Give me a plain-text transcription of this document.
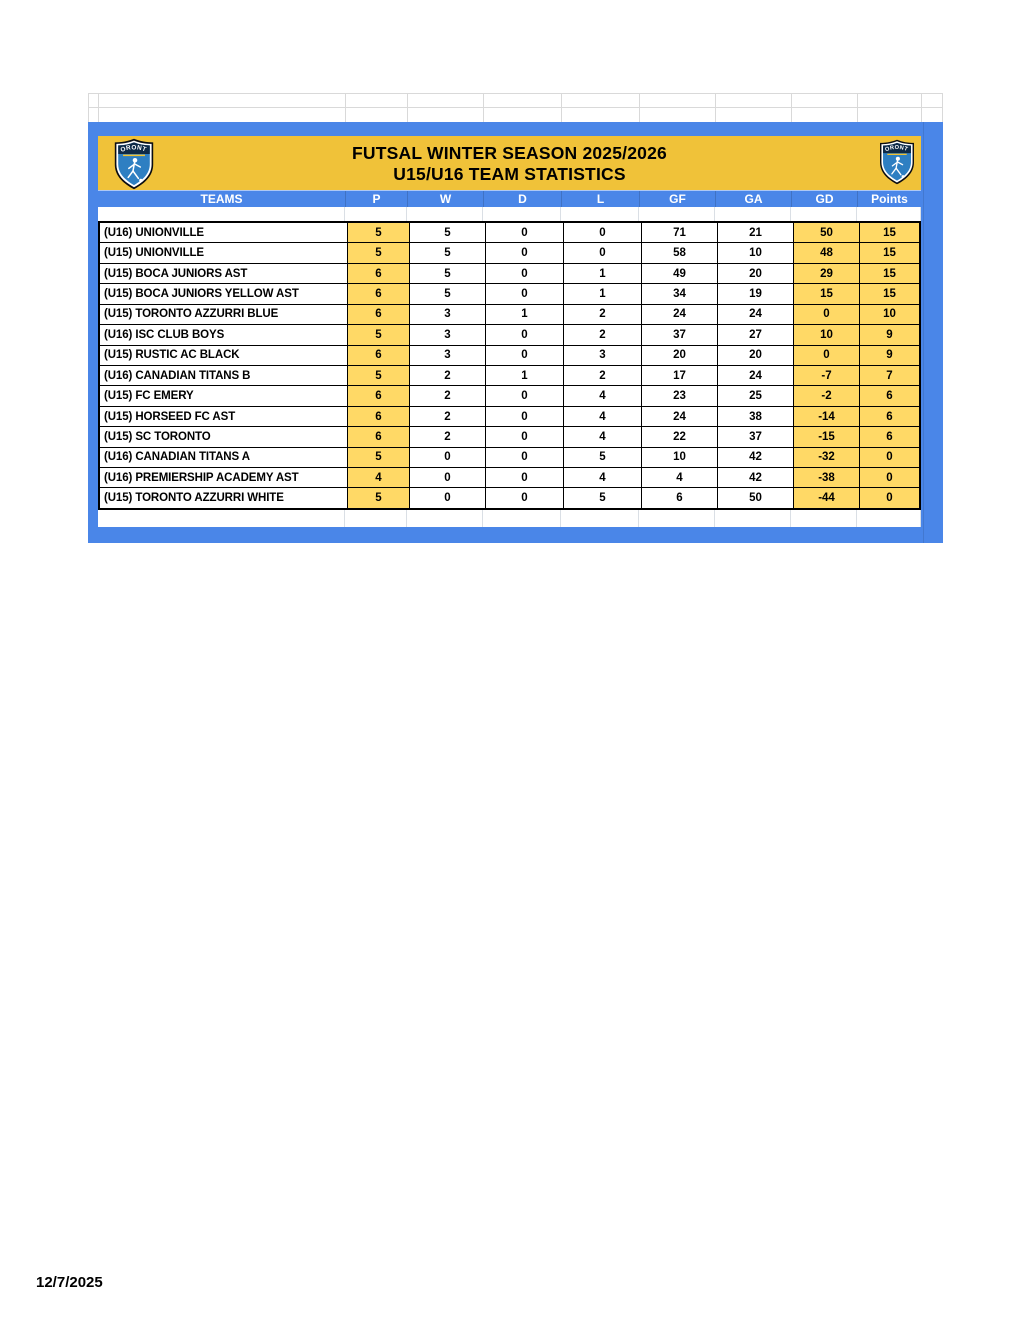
FUTSAL WINTER SEASON 2025/2026
U15/U16 TEAM STATISTICS
TEAMS	P	W	D	L	GF	GA	GD	Points
(U16) UNIONVILLE	5	5	0	0	71	21	50	15
(U15) UNIONVILLE	5	5	0	0	58	10	48	15
(U15) BOCA JUNIORS AST	6	5	0	1	49	20	29	15
(U15) BOCA JUNIORS YELLOW AST	6	5	0	1	34	19	15	15
(U15) TORONTO AZZURRI BLUE	6	3	1	2	24	24	0	10
(U16) ISC CLUB BOYS	5	3	0	2	37	27	10	9
(U15) RUSTIC AC BLACK	6	3	0	3	20	20	0	9
(U16) CANADIAN TITANS B	5	2	1	2	17	24	-7	7
(U15) FC EMERY	6	2	0	4	23	25	-2	6
(U15) HORSEED FC AST	6	2	0	4	24	38	-14	6
(U15) SC TORONTO	6	2	0	4	22	37	-15	6
(U16) CANADIAN TITANS A	5	0	0	5	10	42	-32	0
(U16) PREMIERSHIP ACADEMY AST	4	0	0	4	4	42	-38	0
(U15) TORONTO AZZURRI WHITE	5	0	0	5	6	50	-44	0
12/7/2025
